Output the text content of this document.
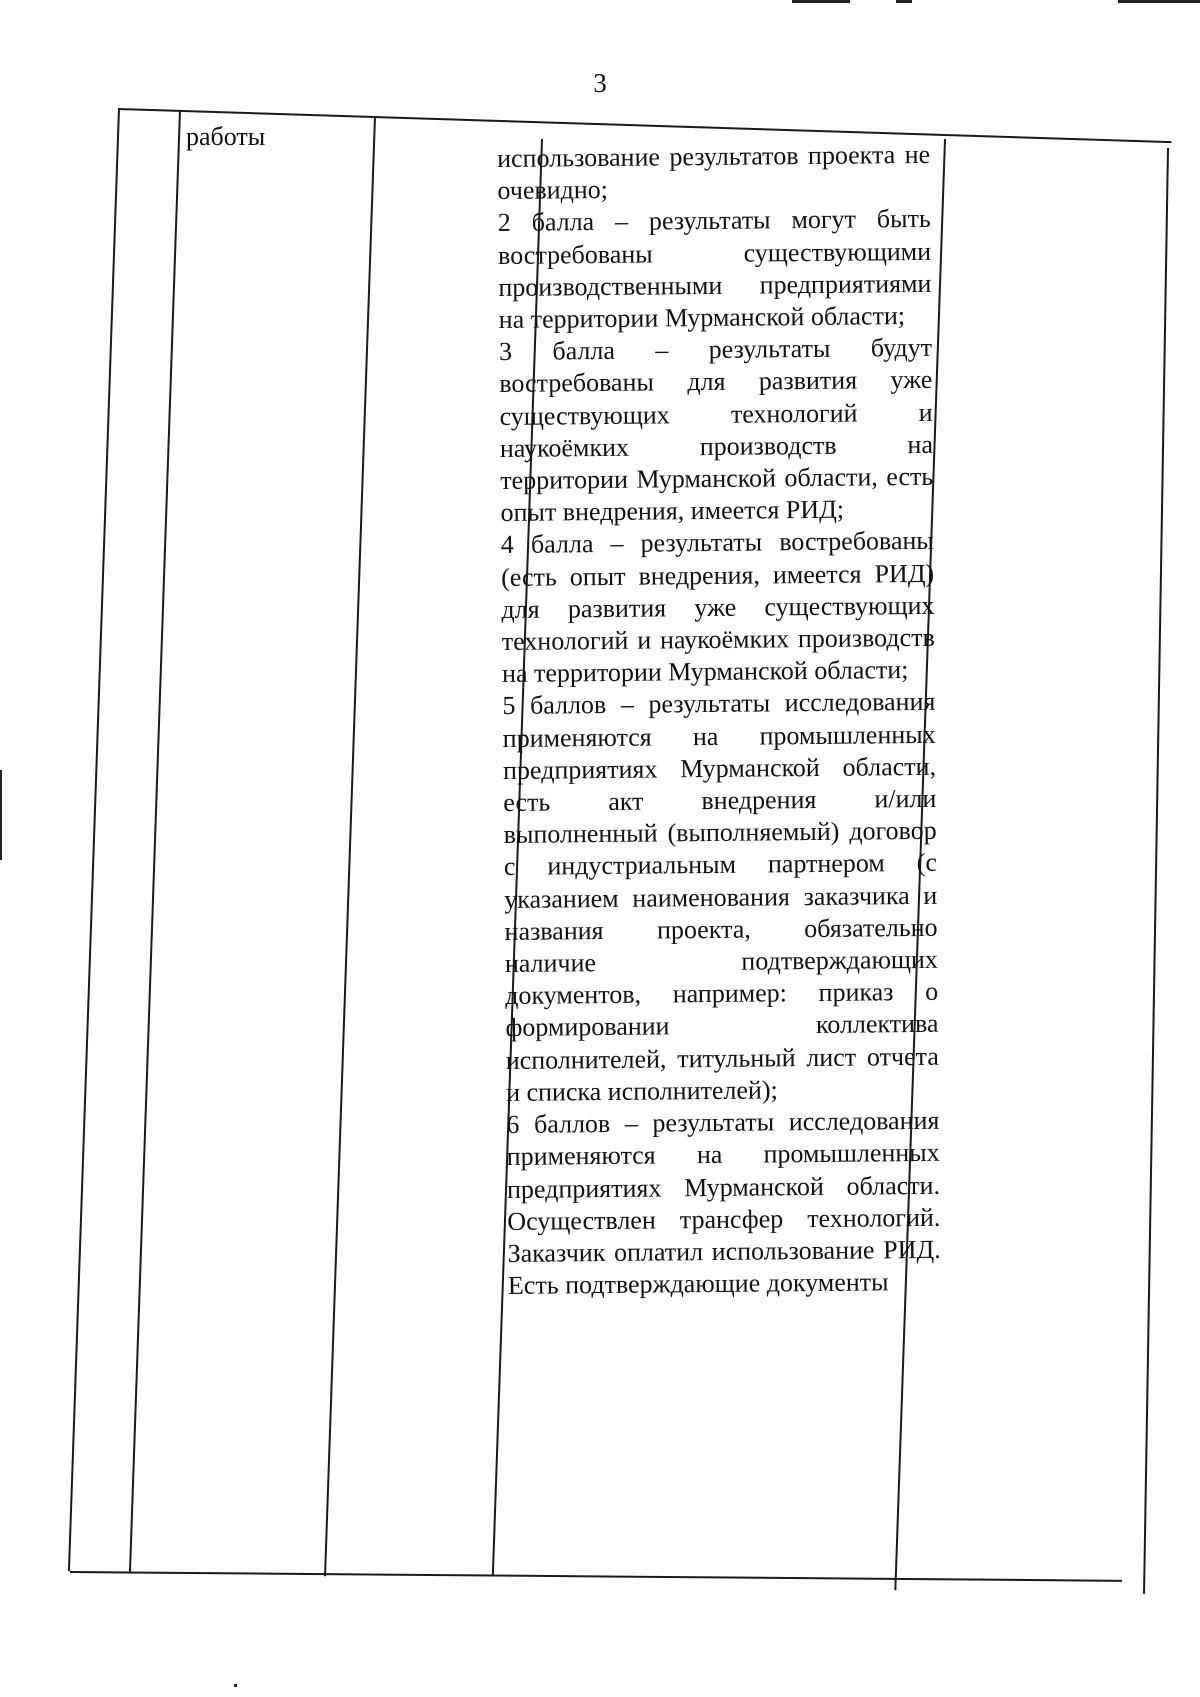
3
работы

использование результатов проекта не очевидно;

2 балла – результаты могут быть востребованы существующими производственными предприятиями на территории Мурманской области;

3 балла – результаты будут востребованы для развития уже существующих технологий и наукоёмких производств на территории Мурманской области, есть опыт внедрения, имеется РИД;

4 балла – результаты востребованы (есть опыт внедрения, имеется РИД) для развития уже существующих технологий и наукоёмких производств на территории Мурманской области;

5 баллов – результаты исследования применяются на промышленных предприятиях Мурманской области, есть акт внедрения и/или выполненный (выполняемый) договор с индустриальным партнером (с указанием наименования заказчика и названия проекта, обязательно наличие подтверждающих документов, например: приказ о формировании коллектива исполнителей, титульный лист отчета и списка исполнителей);

6 баллов – результаты исследования применяются на промышленных предприятиях Мурманской области. Осуществлен трансфер технологий. Заказчик оплатил использование РИД. Есть подтверждающие документы
